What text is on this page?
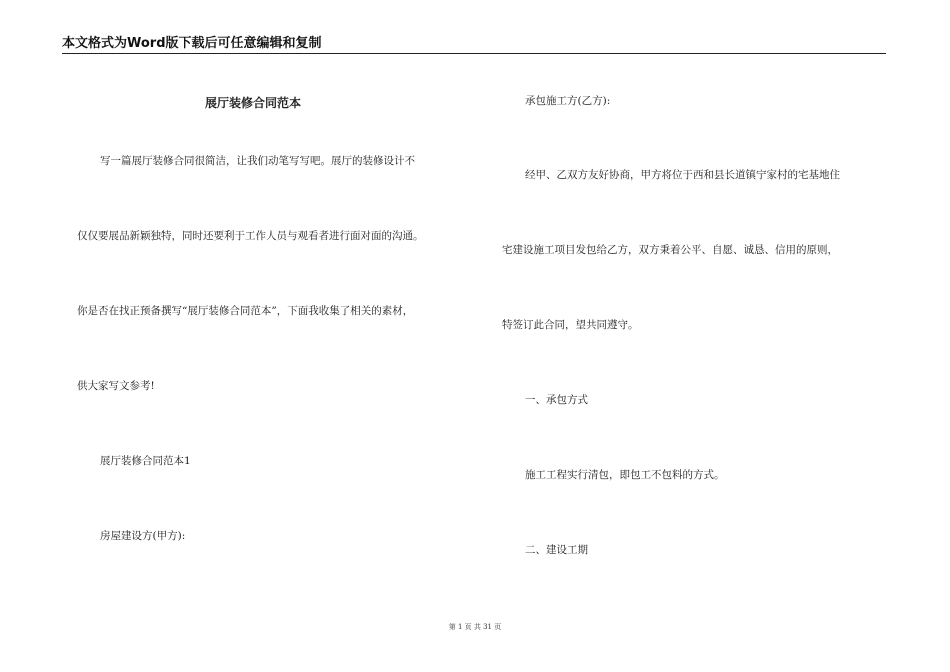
本文格式为Word版下载后可任意编辑和复制
展厅装修合同范本
写一篇展厅装修合同很简洁，让我们动笔写写吧。展厅的装修设计不
仅仅要展品新颖独特，同时还要利于工作人员与观看者进行面对面的沟通。
你是否在找正预备撰写“展厅装修合同范本”，下面我收集了相关的素材，
供大家写文参考!
展厅装修合同范本1
房屋建设方(甲方):
承包施工方(乙方):
经甲、乙双方友好协商，甲方将位于西和县长道镇宁家村的宅基地住
宅建设施工项目发包给乙方，双方秉着公平、自愿、诚恳、信用的原则，
特签订此合同，望共同遵守。
一、承包方式
施工工程实行清包，即包工不包料的方式。
二、建设工期
第 1 页 共 31 页
